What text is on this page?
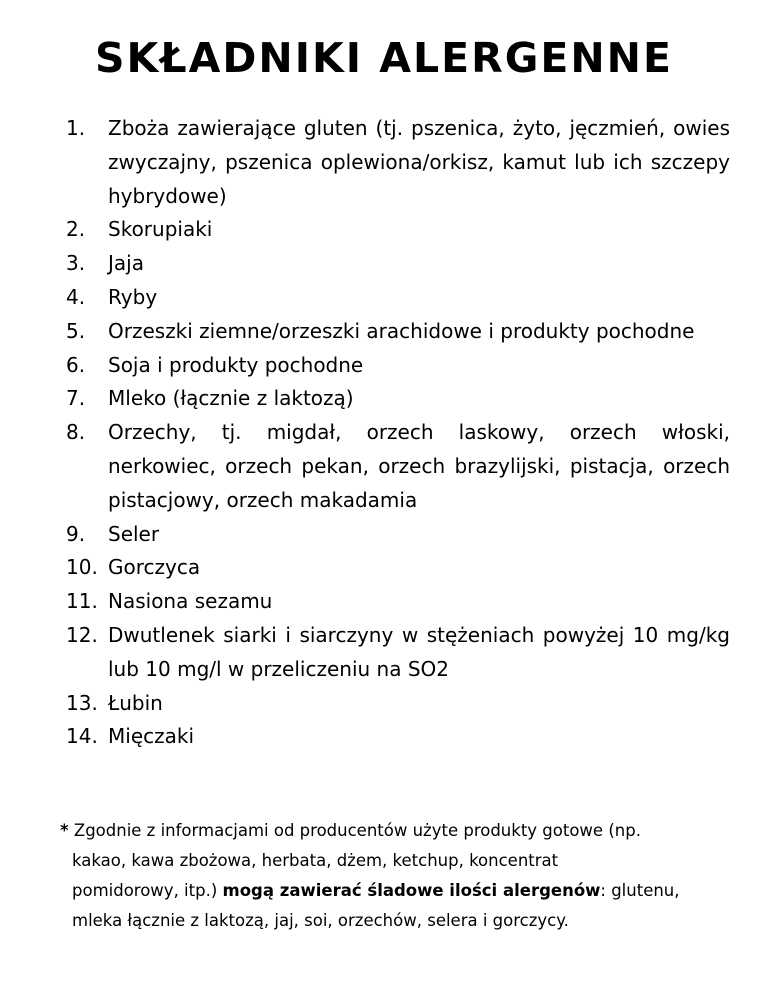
SKŁADNIKI ALERGENNE
1.	Zboża zawierające gluten (tj. pszenica, żyto, jęczmień, owies zwyczajny, pszenica oplewiona/orkisz, kamut lub ich szczepy hybrydowe)
2.	Skorupiaki
3.	Jaja
4.	Ryby
5.	Orzeszki ziemne/orzeszki arachidowe i produkty pochodne
6.	Soja i produkty pochodne
7.	Mleko (łącznie z laktozą)
8.	Orzechy, tj. migdał, orzech laskowy, orzech włoski, nerkowiec, orzech pekan, orzech brazylijski, pistacja, orzech pistacjowy, orzech makadamia
9.	Seler
10. Gorczyca
11. Nasiona sezamu
12. Dwutlenek siarki i siarczyny w stężeniach powyżej 10 mg/kg lub 10 mg/l w przeliczeniu na SO2
13. Łubin
14. Mięczaki

* Zgodnie z informacjami od producentów użyte produkty gotowe (np.
kakao, kawa zbożowa, herbata, dżem, ketchup, koncentrat
pomidorowy, itp.) mogą zawierać śladowe ilości alergenów: glutenu,
mleka łącznie z laktozą, jaj, soi, orzechów, selera i gorczycy.
